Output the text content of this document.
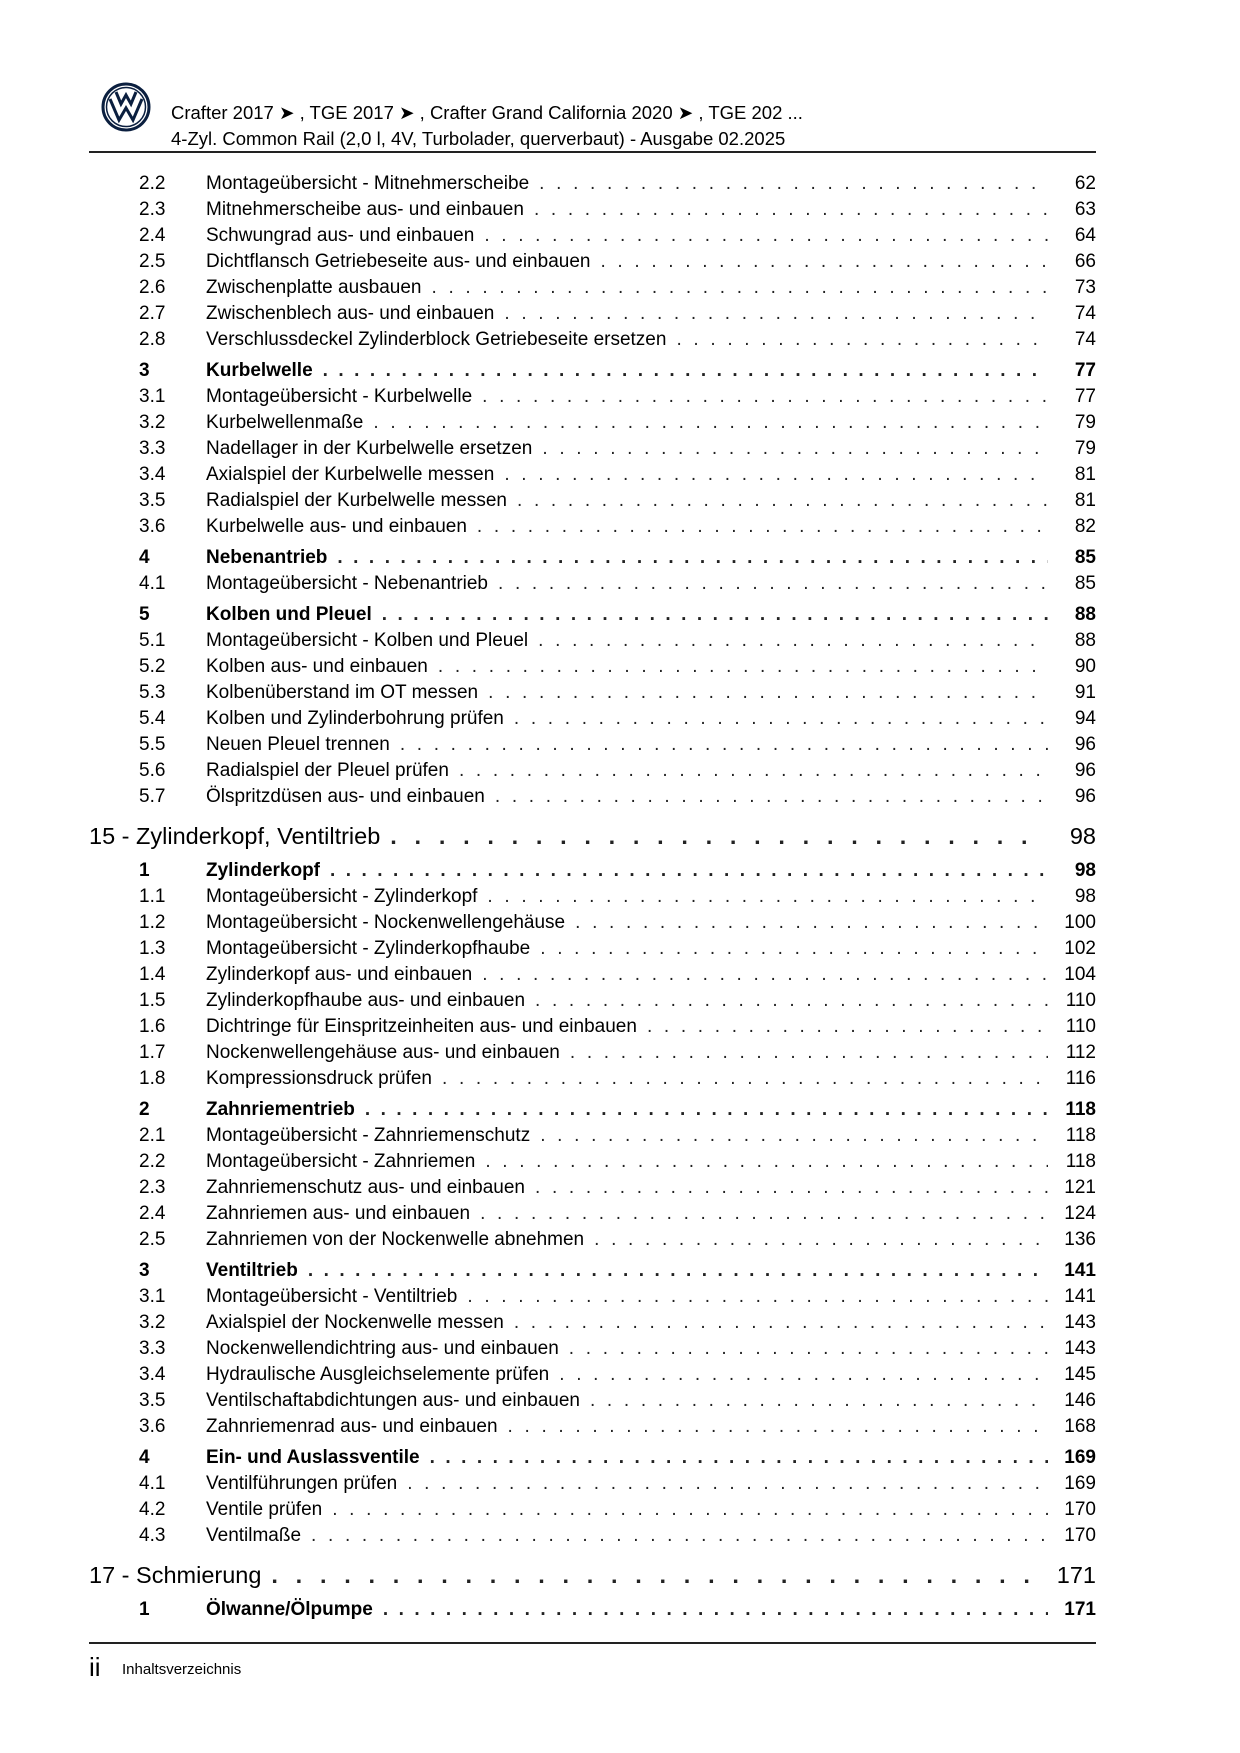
Crafter 2017 ➤ , TGE 2017 ➤ , Crafter Grand California 2020 ➤ , TGE 202 ...
4-Zyl. Common Rail (2,0 l, 4V, Turbolader, querverbaut) - Ausgabe 02.2025
2.2	Montageübersicht - Mitnehmerscheibe . . .	62
2.3	Mitnehmerscheibe aus- und einbauen . . .	63
2.4	Schwungrad aus- und einbauen . . .	64
2.5	Dichtflansch Getriebeseite aus- und einbauen . . .	66
2.6	Zwischenplatte ausbauen . . .	73
2.7	Zwischenblech aus- und einbauen . . .	74
2.8	Verschlussdeckel Zylinderblock Getriebeseite ersetzen . . .	74
3	Kurbelwelle . . .	77
3.1	Montageübersicht - Kurbelwelle . . .	77
3.2	Kurbelwellenmaße . . .	79
3.3	Nadellager in der Kurbelwelle ersetzen . . .	79
3.4	Axialspiel der Kurbelwelle messen . . .	81
3.5	Radialspiel der Kurbelwelle messen . . .	81
3.6	Kurbelwelle aus- und einbauen . . .	82
4	Nebenantrieb . . .	85
4.1	Montageübersicht - Nebenantrieb . . .	85
5	Kolben und Pleuel . . .	88
5.1	Montageübersicht - Kolben und Pleuel . . .	88
5.2	Kolben aus- und einbauen . . .	90
5.3	Kolbenüberstand im OT messen . . .	91
5.4	Kolben und Zylinderbohrung prüfen . . .	94
5.5	Neuen Pleuel trennen . . .	96
5.6	Radialspiel der Pleuel prüfen . . .	96
5.7	Ölspritzdüsen aus- und einbauen . . .	96
15 - Zylinderkopf, Ventiltrieb . . .	98
1	Zylinderkopf . . .	98
1.1	Montageübersicht - Zylinderkopf . . .	98
1.2	Montageübersicht - Nockenwellengehäuse . . .	100
1.3	Montageübersicht - Zylinderkopfhaube . . .	102
1.4	Zylinderkopf aus- und einbauen . . .	104
1.5	Zylinderkopfhaube aus- und einbauen . . .	110
1.6	Dichtringe für Einspritzeinheiten aus- und einbauen . . .	110
1.7	Nockenwellengehäuse aus- und einbauen . . .	112
1.8	Kompressionsdruck prüfen . . .	116
2	Zahnriementrieb . . .	118
2.1	Montageübersicht - Zahnriemenschutz . . .	118
2.2	Montageübersicht - Zahnriemen . . .	118
2.3	Zahnriemenschutz aus- und einbauen . . .	121
2.4	Zahnriemen aus- und einbauen . . .	124
2.5	Zahnriemen von der Nockenwelle abnehmen . . .	136
3	Ventiltrieb . . .	141
3.1	Montageübersicht - Ventiltrieb . . .	141
3.2	Axialspiel der Nockenwelle messen . . .	143
3.3	Nockenwellendichtring aus- und einbauen . . .	143
3.4	Hydraulische Ausgleichselemente prüfen . . .	145
3.5	Ventilschaftabdichtungen aus- und einbauen . . .	146
3.6	Zahnriemenrad aus- und einbauen . . .	168
4	Ein- und Auslassventile . . .	169
4.1	Ventilführungen prüfen . . .	169
4.2	Ventile prüfen . . .	170
4.3	Ventilmaße . . .	170
17 - Schmierung . . .	171
1	Ölwanne/Ölpumpe . . .	171
ii Inhaltsverzeichnis
